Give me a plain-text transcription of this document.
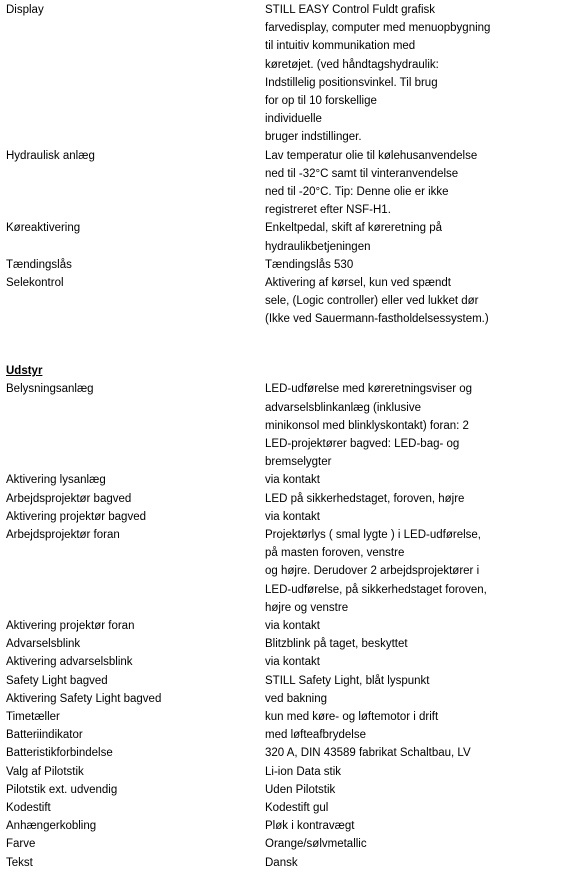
Udstyr
Display	STILL EASY Control Fuldt grafisk
farvedisplay, computer med menuopbygning
til intuitiv kommunikation med
køretøjet. (ved håndtagshydraulik:
Indstillelig positionsvinkel. Til brug
for op til 10 forskellige
individuelle
bruger indstillinger.
Hydraulisk anlæg	Lav temperatur olie til kølehusanvendelse
ned til -32°C samt til vinteranvendelse
ned til -20°C. Tip: Denne olie er ikke
registreret efter NSF-H1.
Køreaktivering	Enkeltpedal, skift af køreretning på
hydraulikbetjeningen
Tændingslås	Tændingslås 530
Selekontrol	Aktivering af kørsel, kun ved spændt
sele, (Logic controller) eller ved lukket dør
(Ikke ved Sauermann-fastholdelsessystem.)
Belysningsanlæg	LED-udførelse med køreretningsviser og
advarselsblinkanlæg (inklusive
minikonsol med blinklyskontakt) foran: 2
LED-projektører bagved: LED-bag- og
bremselygter
Aktivering lysanlæg	via kontakt
Arbejdsprojektør bagved	LED på sikkerhedstaget, foroven, højre
Aktivering projektør bagved	via kontakt
Arbejdsprojektør foran	Projektørlys ( smal lygte ) i LED-udførelse,
på masten foroven, venstre
og højre. Derudover 2 arbejdsprojektører i
LED-udførelse, på sikkerhedstaget foroven,
højre og venstre
Aktivering projektør foran	via kontakt
Advarselsblink	Blitzblink på taget, beskyttet
Aktivering advarselsblink	via kontakt
Safety Light bagved	STILL Safety Light, blåt lyspunkt
Aktivering Safety Light bagved	ved bakning
Timetæller	kun med køre- og løftemotor i drift
Batteriindikator	med løfteafbrydelse
Batteristikforbindelse	320 A, DIN 43589 fabrikat Schaltbau, LV
Valg af Pilotstik	Li-ion Data stik
Pilotstik ext. udvendig	Uden Pilotstik
Kodestift	Kodestift gul
Anhængerkobling	Pløk i kontravægt
Farve	Orange/sølvmetallic
Tekst	Dansk
